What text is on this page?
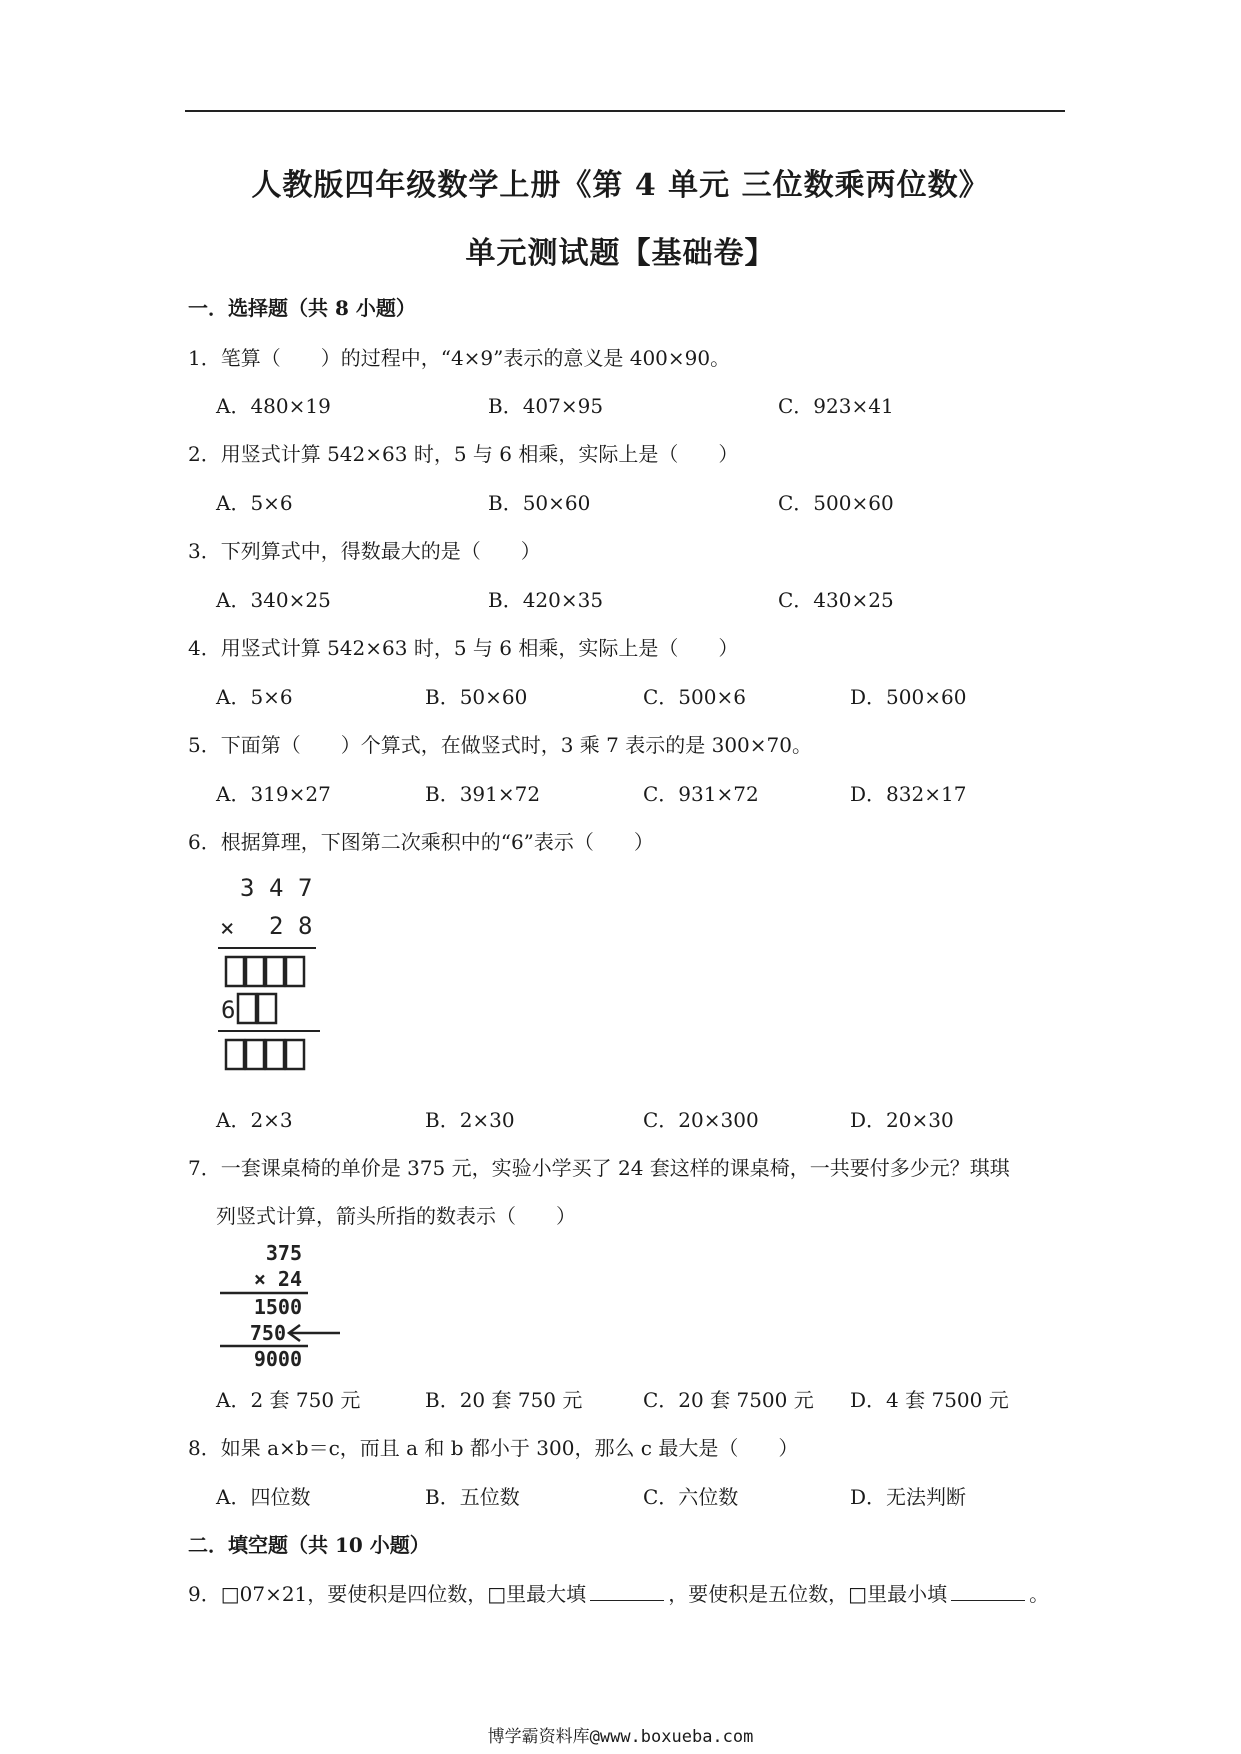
人教版四年级数学上册《第 4 单元 三位数乘两位数》
单元测试题【基础卷】
一．选择题（共 8 小题）
1．笔算（　　）的过程中，“4×9”表示的意义是 400×90。
A．480×19	B．407×95	C．923×41
2．用竖式计算 542×63 时，5 与 6 相乘，实际上是（　　）
A．5×6	B．50×60	C．500×60
3．下列算式中，得数最大的是（　　）
A．340×25	B．420×35	C．430×25
4．用竖式计算 542×63 时，5 与 6 相乘，实际上是（　　）
A．5×6	B．50×60	C．500×6	D．500×60
5．下面第（　　）个算式，在做竖式时，3 乘 7 表示的是 300×70。
A．319×27	B．391×72	C．931×72	D．832×17
6．根据算理，下图第二次乘积中的“6”表示（　　）
3 4 7
× 2 8
6
A．2×3	B．2×30	C．20×300	D．20×30
7．一套课桌椅的单价是 375 元，实验小学买了 24 套这样的课桌椅，一共要付多少元？琪琪
列竖式计算，箭头所指的数表示（　　）
375
× 24
1500
750
9000
A．2 套 750 元	B．20 套 750 元	C．20 套 7500 元 D．4 套 7500 元
8．如果 a×b＝c，而且 a 和 b 都小于 300，那么 c 最大是（　　）
A．四位数	B．五位数	C．六位数	D．无法判断
二．填空题（共 10 小题）
9．□07×21，要使积是四位数，□里最大填	，要使积是五位数，□里最小填	。
博学霸资料库@www.boxueba.com
